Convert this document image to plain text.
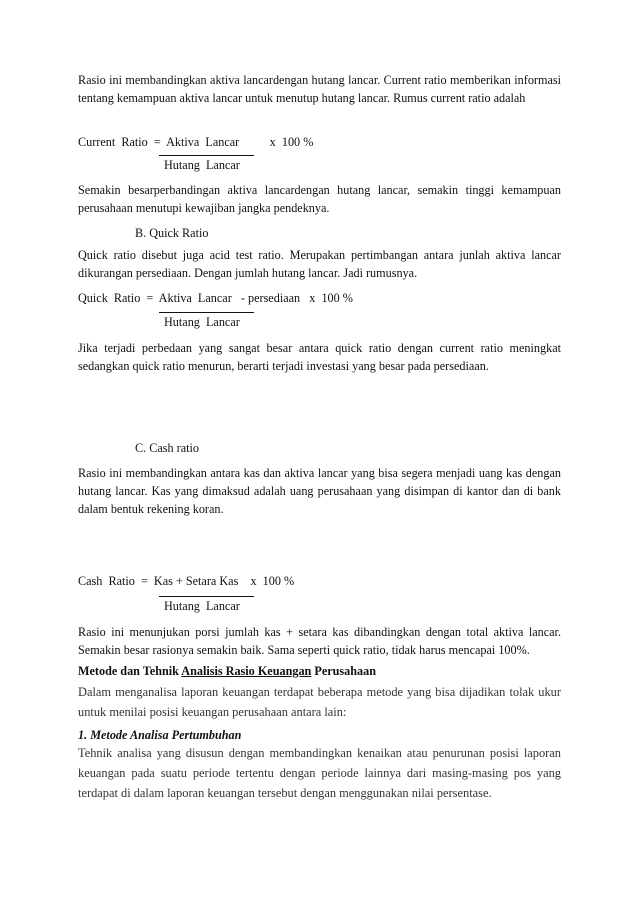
Rasio ini membandingkan aktiva lancardengan hutang lancar. Current ratio memberikan informasi tentang kemampuan aktiva lancar untuk menutup hutang lancar. Rumus current ratio adalah
Current  Ratio  =  Aktiva  Lancar          x  100 %
Hutang  Lancar
Semakin besarperbandingan aktiva lancardengan hutang lancar, semakin tinggi kemampuan perusahaan menutupi kewajiban jangka pendeknya.
B. Quick Ratio
Quick ratio disebut juga acid test ratio. Merupakan pertimbangan antara junlah aktiva lancar dikurangan persediaan. Dengan jumlah hutang lancar. Jadi rumusnya.
Quick  Ratio  =  Aktiva  Lancar   - persediaan   x  100 %
Hutang  Lancar
Jika terjadi perbedaan yang sangat besar antara quick ratio dengan current ratio meningkat sedangkan quick ratio menurun, berarti terjadi investasi yang besar pada persediaan.
C. Cash ratio
Rasio ini membandingkan antara kas dan aktiva lancar yang bisa segera menjadi uang kas dengan hutang lancar. Kas yang dimaksud adalah uang perusahaan yang disimpan di kantor dan di bank dalam bentuk rekening koran.
Cash  Ratio  =  Kas + Setara Kas    x  100 %
Hutang  Lancar
Rasio ini menunjukan porsi jumlah kas + setara kas dibandingkan dengan total aktiva lancar. Semakin besar rasionya semakin baik. Sama seperti quick ratio, tidak harus mencapai 100%.
Metode dan Tehnik Analisis Rasio Keuangan Perusahaan
Dalam menganalisa laporan keuangan terdapat beberapa metode yang bisa dijadikan tolak ukur untuk menilai posisi keuangan perusahaan antara lain:
1. Metode Analisa Pertumbuhan
Tehnik analisa yang disusun dengan membandingkan kenaikan atau penurunan posisi laporan keuangan pada suatu periode tertentu dengan periode lainnya dari masing-masing pos yang terdapat di dalam laporan keuangan tersebut dengan menggunakan nilai persentase.
